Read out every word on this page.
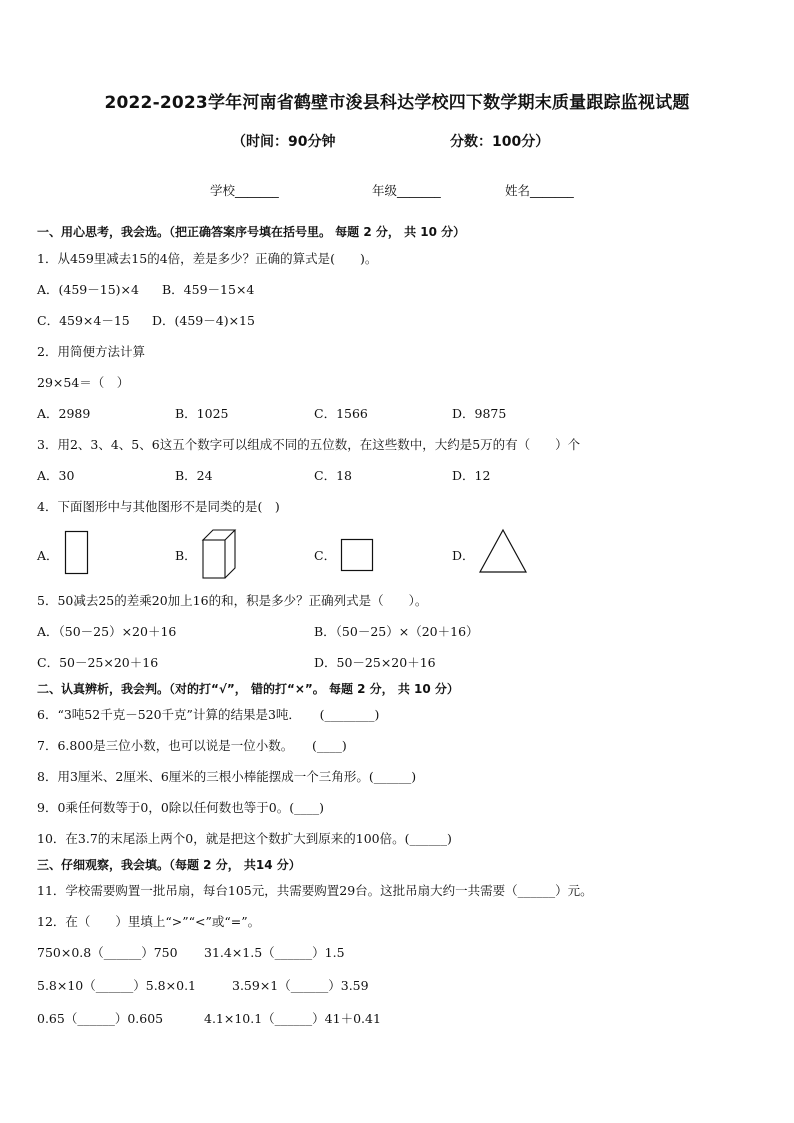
2022-2023学年河南省鹤壁市浚县科达学校四下数学期末质量跟踪监视试题
（时间：90分钟	分数：100分）
学校_______	年级_______	姓名_______
一、用心思考，我会选。（把正确答案序号填在括号里。 每题 2 分， 共 10 分）
1．从459里减去15的4倍，差是多少？正确的算式是(　　)。
A．(459－15)×4 B．459－15×4
C．459×4－15 D．(459－4)×15
2．用简便方法计算
29×54＝（　）
A．2989	B．1025	C．1566	D．9875
3．用2、3、4、5、6这五个数字可以组成不同的五位数，在这些数中，大约是5万的有（　　）个
A．30	B．24	C．18	D．12
4．下面图形中与其他图形不是同类的是(　)
A．	B．	C．	D．
5．50减去25的差乘20加上16的和，积是多少？正确列式是（　　）。
A．（50－25）×20＋16	B．（50－25）×（20＋16）
C．50－25×20＋16	D．50－25×20＋16
二、认真辨析，我会判。（对的打“√”， 错的打“×”。 每题 2 分， 共 10 分）
6．“3吨52千克－520千克”计算的结果是3吨．　　(________)
7．6.800是三位小数，也可以说是一位小数。　　(____)
8．用3厘米、2厘米、6厘米的三根小棒能摆成一个三角形。(______)
9．0乘任何数等于0，0除以任何数也等于0。(____)
10．在3.7的末尾添上两个0，就是把这个数扩大到原来的100倍。(______)
三、仔细观察，我会填。（每题 2 分， 共14 分）
11．学校需要购置一批吊扇，每台105元，共需要购置29台。这批吊扇大约一共需要（______）元。
12．在（　　）里填上“>”“<”或“=”。
750×0.8（______）750 31.4×1.5（______）1.5
5.8×10（______）5.8×0.1	3.59×1（______）3.59
0.65（______）0.605	4.1×10.1（______）41＋0.41
